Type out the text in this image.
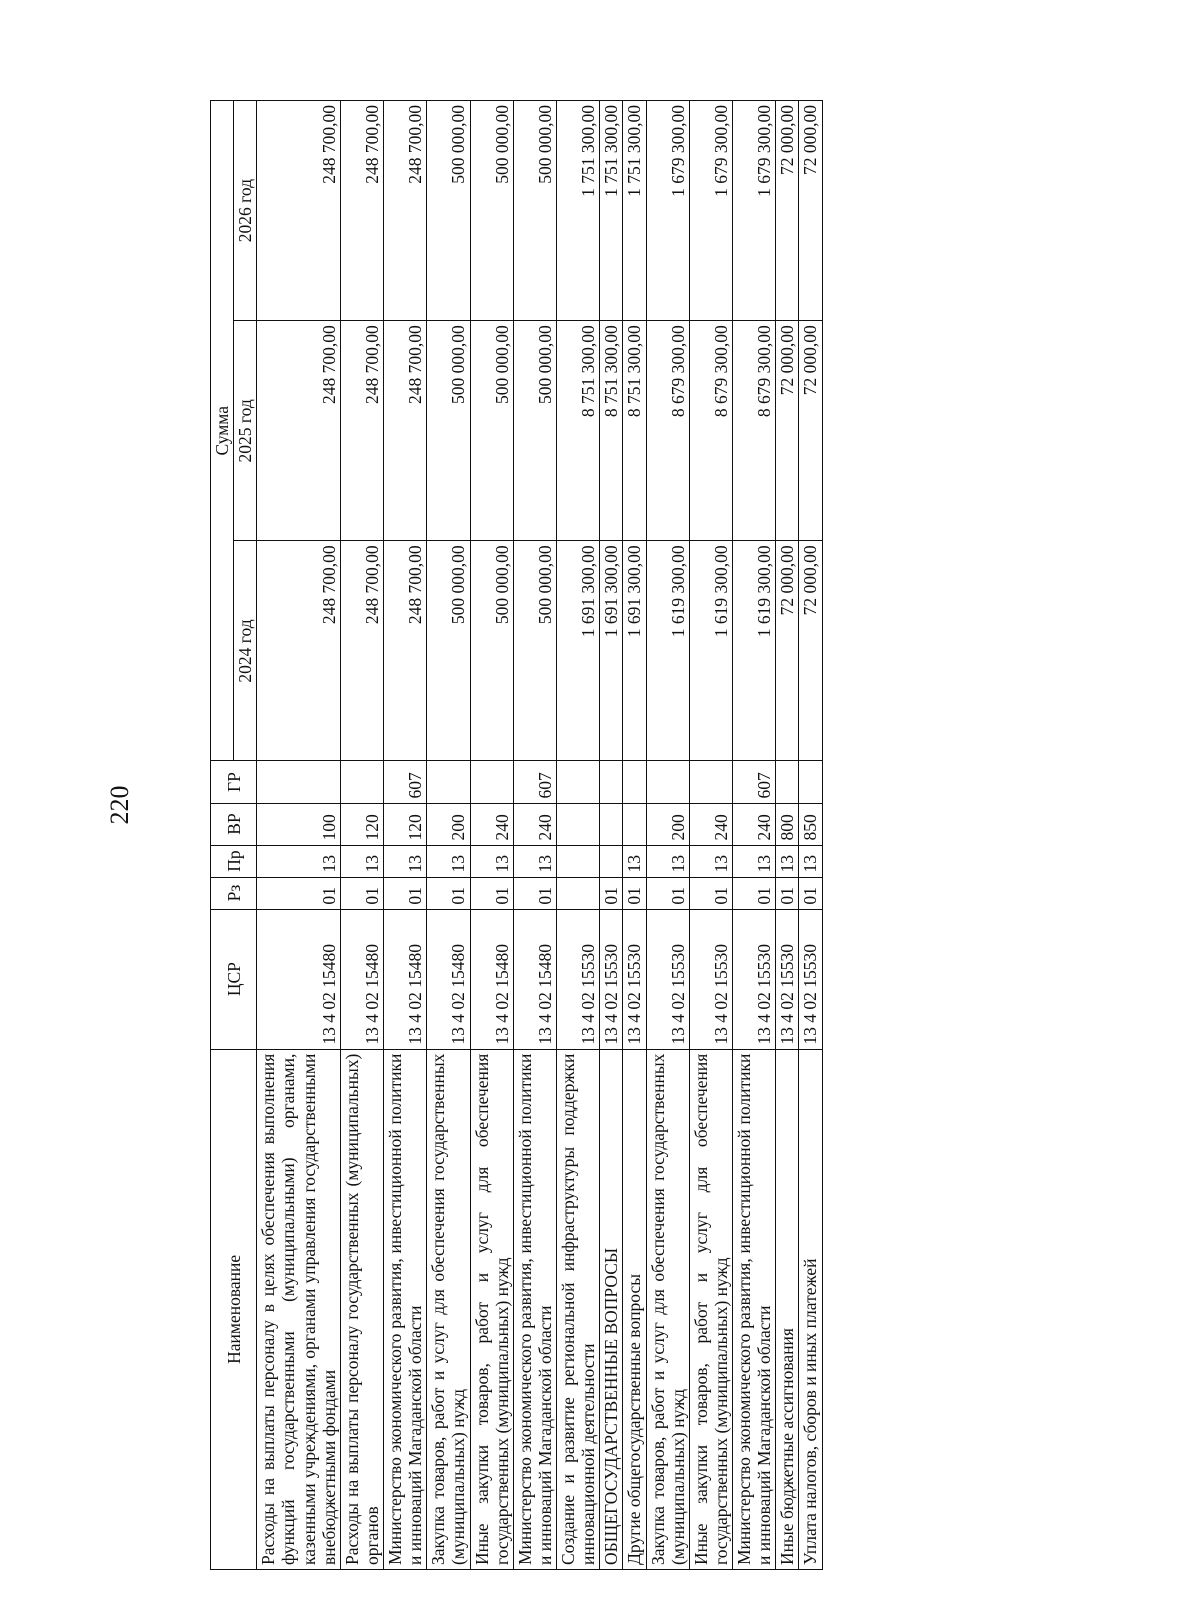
220
Наименование	ЦСР	Рз	Пр	ВР	ГР	Сумма		
						2024 год	2025 год	2026 год
Расходы на выплаты персоналу в целях обеспечения выполнения функций государственными (муниципальными) органами, казенными учреждениями, органами управления государственными внебюджетными фондами	13 4 02 15480	01	13	100		248 700,00	248 700,00	248 700,00
Расходы на выплаты персоналу государственных (муниципальных) органов	13 4 02 15480	01	13	120		248 700,00	248 700,00	248 700,00
Министерство экономического развития, инвестиционной политики и инноваций Магаданской области	13 4 02 15480	01	13	120	607	248 700,00	248 700,00	248 700,00
Закупка товаров, работ и услуг для обеспечения государственных (муниципальных) нужд	13 4 02 15480	01	13	200		500 000,00	500 000,00	500 000,00
Иные закупки товаров, работ и услуг для обеспечения государственных (муниципальных) нужд	13 4 02 15480	01	13	240		500 000,00	500 000,00	500 000,00
Министерство экономического развития, инвестиционной политики и инноваций Магаданской области	13 4 02 15480	01	13	240	607	500 000,00	500 000,00	500 000,00
Создание и развитие региональной инфраструктуры поддержки инновационной деятельности	13 4 02 15530					1 691 300,00	8 751 300,00	1 751 300,00
ОБЩЕГОСУДАРСТВЕННЫЕ ВОПРОСЫ	13 4 02 15530	01				1 691 300,00	8 751 300,00	1 751 300,00
Другие общегосударственные вопросы	13 4 02 15530	01	13			1 691 300,00	8 751 300,00	1 751 300,00
Закупка товаров, работ и услуг для обеспечения государственных (муниципальных) нужд	13 4 02 15530	01	13	200		1 619 300,00	8 679 300,00	1 679 300,00
Иные закупки товаров, работ и услуг для обеспечения государственных (муниципальных) нужд	13 4 02 15530	01	13	240		1 619 300,00	8 679 300,00	1 679 300,00
Министерство экономического развития, инвестиционной политики и инноваций Магаданской области	13 4 02 15530	01	13	240	607	1 619 300,00	8 679 300,00	1 679 300,00
Иные бюджетные ассигнования	13 4 02 15530	01	13	800		72 000,00	72 000,00	72 000,00
Уплата налогов, сборов и иных платежей	13 4 02 15530	01	13	850		72 000,00	72 000,00	72 000,00
